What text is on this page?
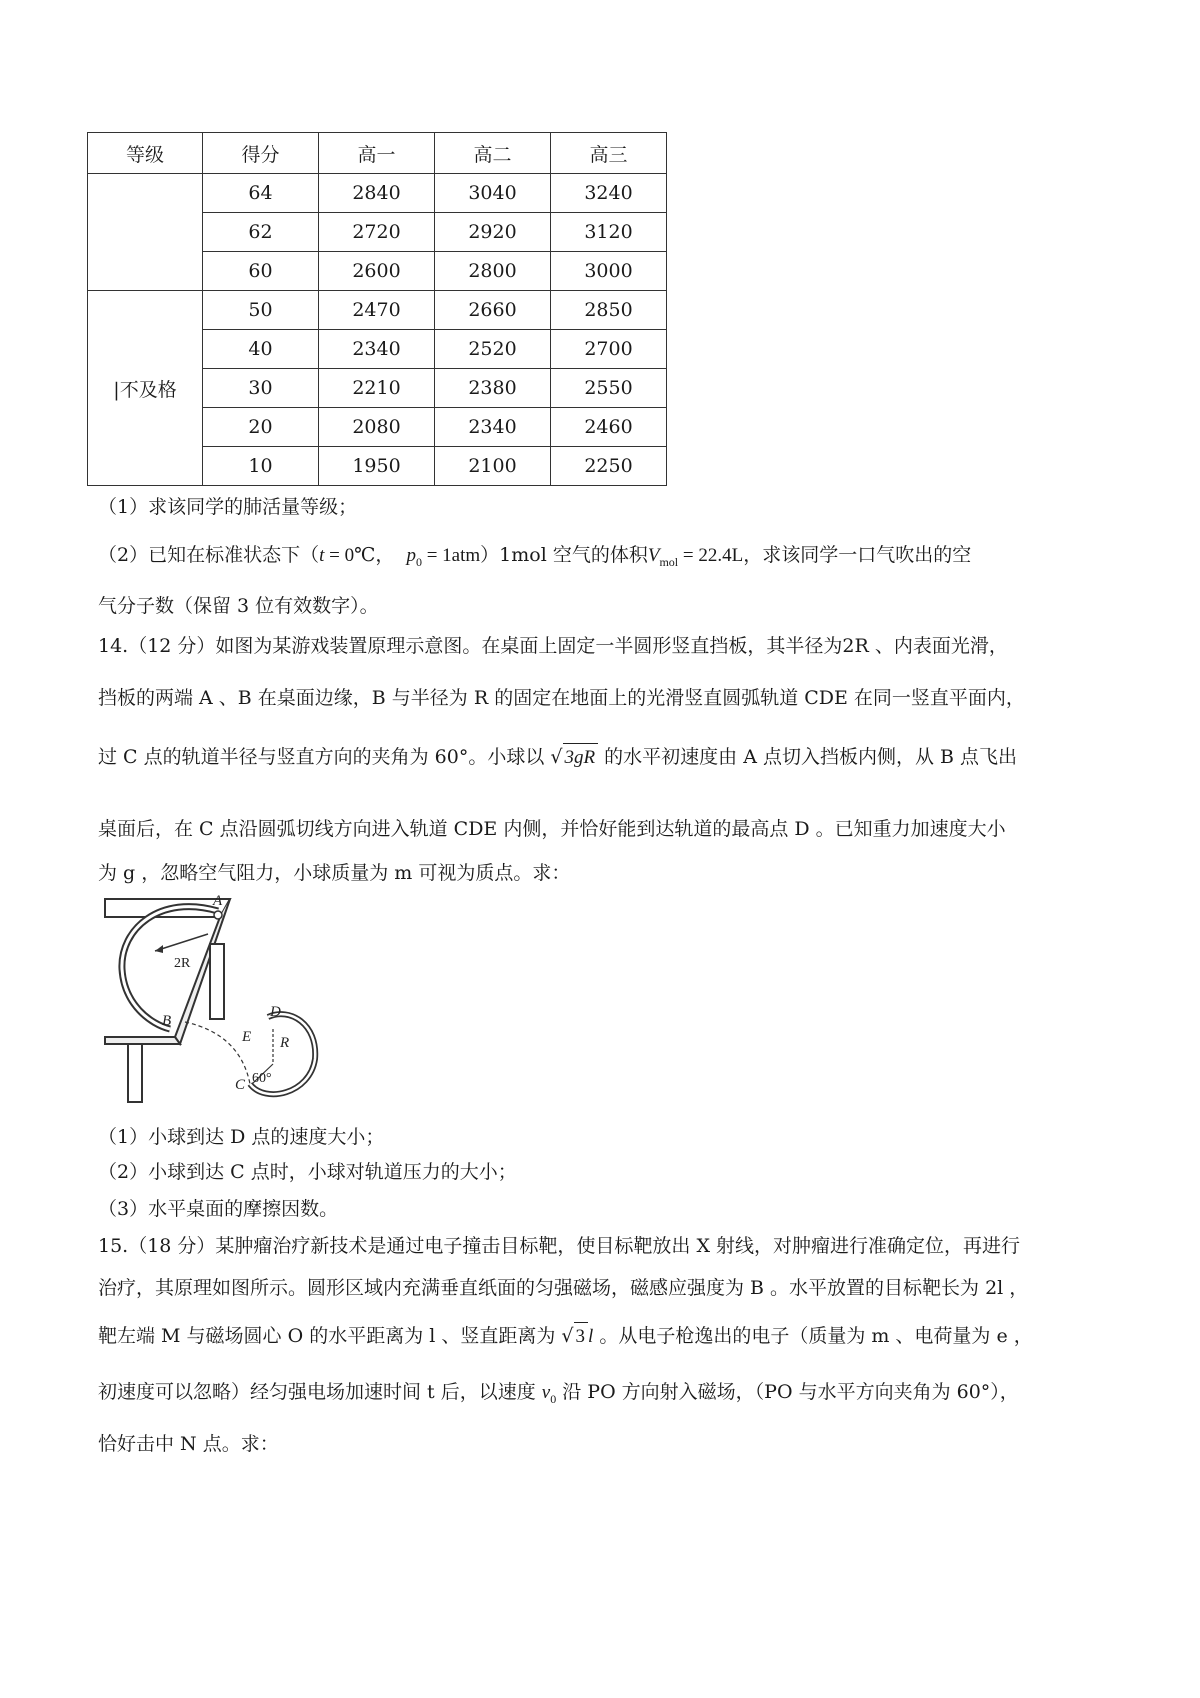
等级	得分	高一	高二	高三
	64	2840	3040	3240
	62	2720	2920	3120
	60	2600	2800	3000
|不及格	50	2470	2660	2850
	40	2340	2520	2700
	30	2210	2380	2550
	20	2080	2340	2460
	10	1950	2100	2250
（1）求该同学的肺活量等级；
（2）已知在标准状态下（t = 0℃， $p_0 = 1atm)1mol$ 空气的体积$V_{mol} = 22.4L$，求该同学一口气吹出的空
气分子数（保留 3 位有效数字）。
14.（12 分）如图为某游戏装置原理示意图。在桌面上固定一半圆形竖直挡板，其半径为2R 、内表面光滑，
挡板的两端 A 、B 在桌面边缘，B 与半径为 R 的固定在地面上的光滑竖直圆弧轨道 CDE 在同一竖直平面内，
过 C 点的轨道半径与竖直方向的夹角为 60°。小球以 √ 3gR 的水平初速度由 A 点切入挡板内侧，从 B 点飞出
桌面后，在 C 点沿圆弧切线方向进入轨道 CDE 内侧，并恰好能到达轨道的最高点 D 。已知重力加速度大小
为 g ，忽略空气阻力，小球质量为 m 可视为质点。求：
2R
A
B
D
E R
C 60°
（1）小球到达 D 点的速度大小；
（2）小球到达 C 点时，小球对轨道压力的大小；
（3）水平桌面的摩擦因数。
15.（18 分）某肿瘤治疗新技术是通过电子撞击目标靶，使目标靶放出 X 射线，对肿瘤进行准确定位，再进行
治疗，其原理如图所示。圆形区域内充满垂直纸面的匀强磁场，磁感应强度为 B 。水平放置的目标靶长为 2l ，
靶左端 M 与磁场圆心 O 的水平距离为 l 、竖直距离为 √ 3 l 。从电子枪逸出的电子（质量为 m 、电荷量为 e ，
初速度可以忽略）经匀强电场加速时间 t 后，以速度 $v_0$ 沿 PO 方向射入磁场，（PO 与水平方向夹角为 60°），
恰好击中 N 点。求：
